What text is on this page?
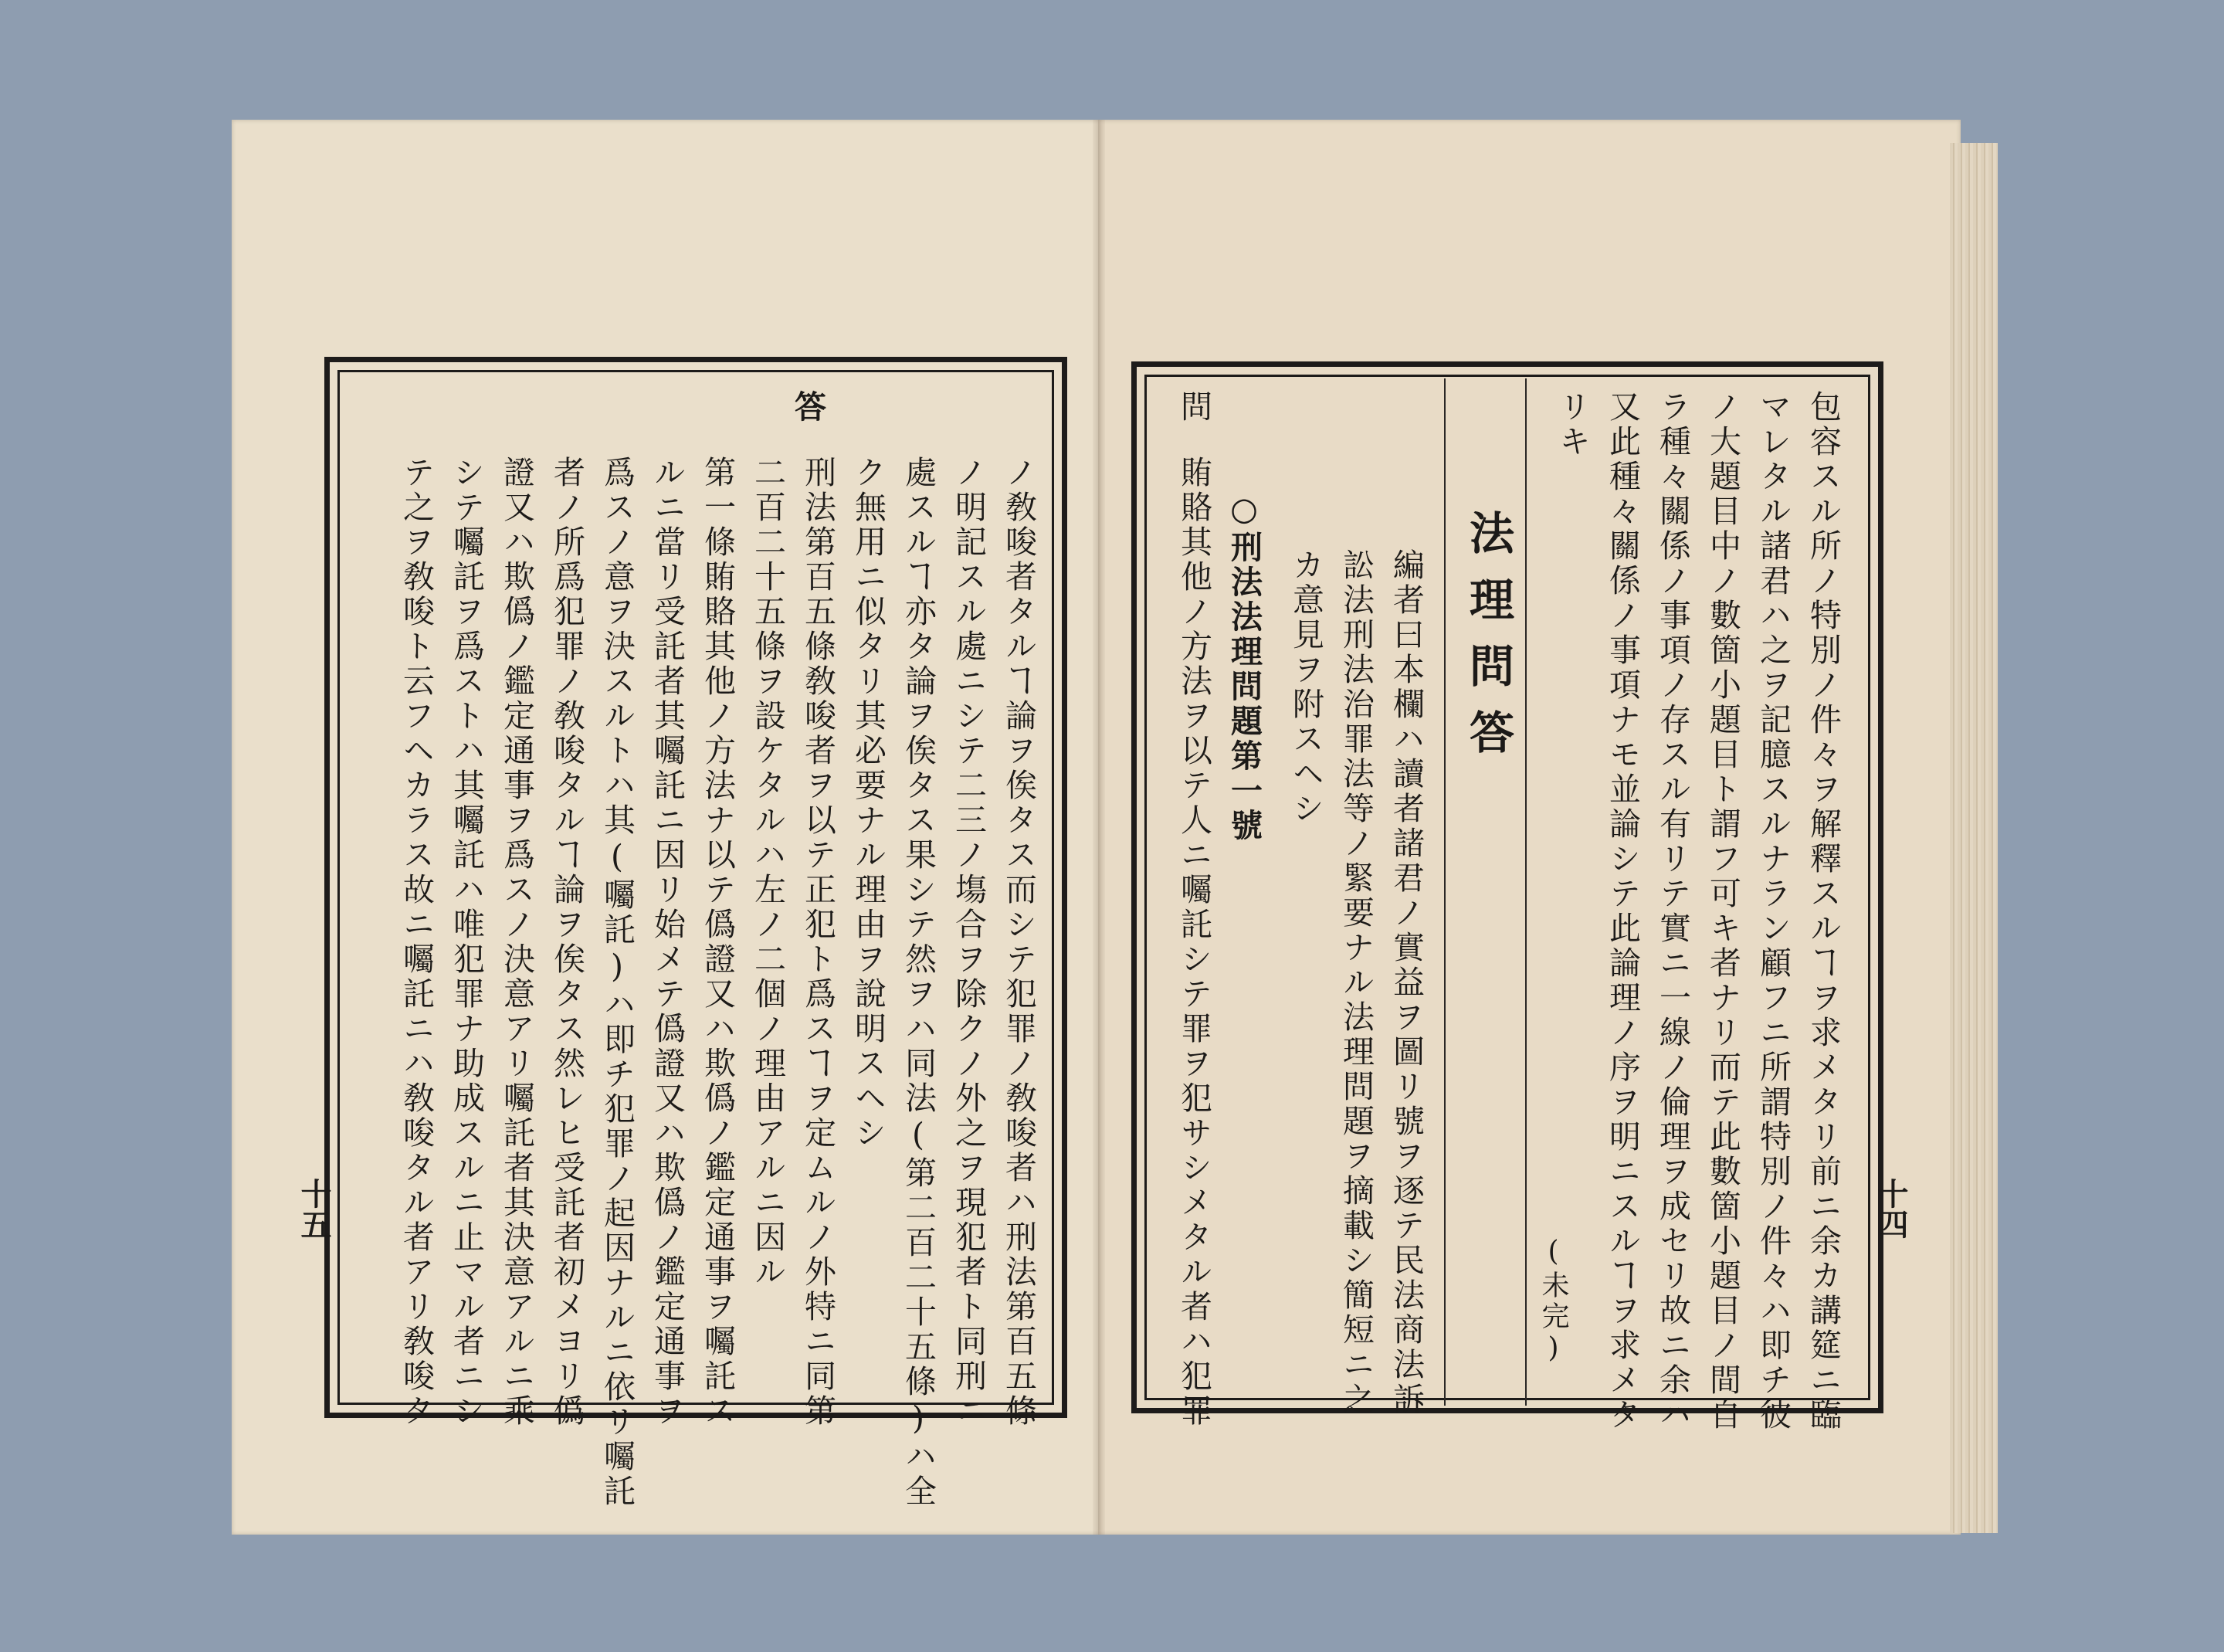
十四
十五	包容スル所ノ特別ノ件々ヲ解釋スルヿヲ求メタリ前ニ余カ講筵ニ臨
マレタル諸君ハ之ヲ記臆スルナラン顧フニ所謂特別ノ件々ハ即チ彼
ノ大題目中ノ數箇小題目ト謂フ可キ者ナリ而テ此數箇小題目ノ間自
ラ種々關係ノ事項ノ存スル有リテ實ニ一線ノ倫理ヲ成セリ故ニ余ハ
又此種々關係ノ事項ナモ並論シテ此論理ノ序ヲ明ニスルヿヲ求メタ
リキ
(未完)
法理問答
編者曰本欄ハ讀者諸君ノ實益ヲ圖リ號ヲ逐テ民法商法訴
訟法刑法治罪法等ノ緊要ナル法理問題ヲ摘載シ簡短ニ之
カ意見ヲ附スヘシ
○刑法法理問題第一號
問
賄賂其他ノ方法ヲ以テ人ニ囑託シテ罪ヲ犯サシメタル者ハ犯罪
答
ノ敎唆者タルヿ論ヲ俟タス而シテ犯罪ノ敎唆者ハ刑法第百五條
ノ明記スル處ニシテ二三ノ塲合ヲ除クノ外之ヲ現犯者ト同刑ニ
處スルヿ亦タ論ヲ俟タス果シテ然ヲハ同法(第二百二十五條)ハ全
ク無用ニ似タリ其必要ナル理由ヲ說明スヘシ
刑法第百五條敎唆者ヲ以テ正犯ト爲スヿヲ定ムルノ外特ニ同第
二百二十五條ヲ設ケタルハ左ノ二個ノ理由アルニ因ル
第一條賄賂其他ノ方法ナ以テ僞證又ハ欺僞ノ鑑定通事ヲ囑託ス
ルニ當リ受託者其囑託ニ因リ始メテ僞證又ハ欺僞ノ鑑定通事ヲ
爲スノ意ヲ決スルトハ其(囑託)ハ即チ犯罪ノ起因ナルニ依リ囑託
者ノ所爲犯罪ノ敎唆タルヿ論ヲ俟タス然レヒ受託者初メヨリ僞
證又ハ欺僞ノ鑑定通事ヲ爲スノ決意アリ囑託者其決意アルニ乘
シテ囑託ヲ爲ストハ其囑託ハ唯犯罪ナ助成スルニ止マル者ニシ
テ之ヲ敎唆ト云フヘカラス故ニ囑託ニハ敎唆タル者アリ敎唆タ
